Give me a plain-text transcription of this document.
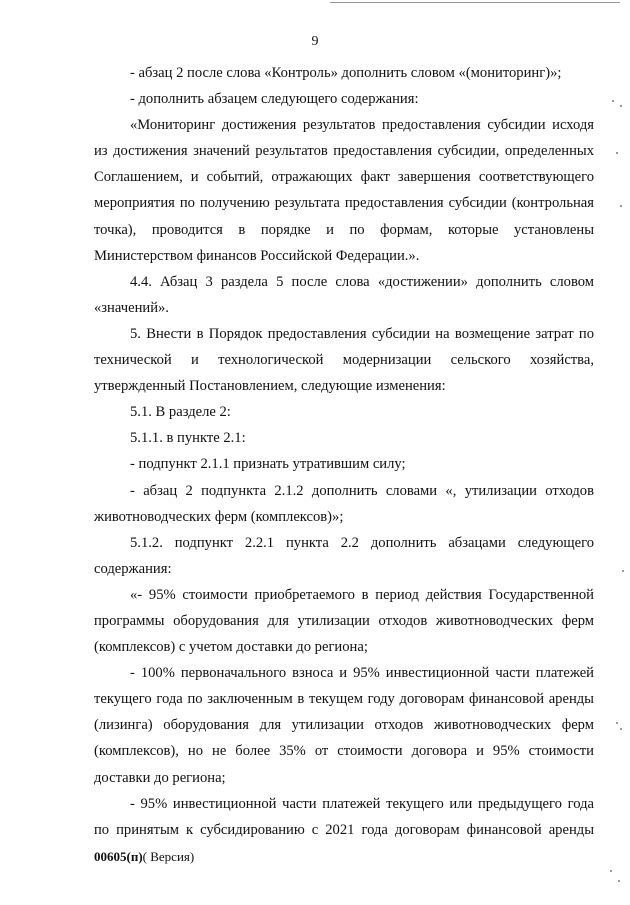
9

- абзац 2 после слова «Контроль» дополнить словом «(мониторинг)»;

- дополнить абзацем следующего содержания:

«Мониторинг достижения результатов предоставления субсидии исходя из достижения значений результатов предоставления субсидии, определенных Соглашением, и событий, отражающих факт завершения соответствующего мероприятия по получению результата предоставления субсидии (контрольная точка), проводится в порядке и по формам, которые установлены Министерством финансов Российской Федерации.».

4.4. Абзац 3 раздела 5 после слова «достижении» дополнить словом «значений».

5. Внести в Порядок предоставления субсидии на возмещение затрат по технической и технологической модернизации сельского хозяйства, утвержденный Постановлением, следующие изменения:

5.1. В разделе 2:

5.1.1. в пункте 2.1:

- подпункт 2.1.1 признать утратившим силу;

- абзац 2 подпункта 2.1.2 дополнить словами «, утилизации отходов животноводческих ферм (комплексов)»;

5.1.2. подпункт 2.2.1 пункта 2.2 дополнить абзацами следующего содержания:

«- 95% стоимости приобретаемого в период действия Государственной программы оборудования для утилизации отходов животноводческих ферм (комплексов) с учетом доставки до региона;

- 100% первоначального взноса и 95% инвестиционной части платежей текущего года по заключенным в текущем году договорам финансовой аренды (лизинга) оборудования для утилизации отходов животноводческих ферм (комплексов), но не более 35% от стоимости договора и 95% стоимости доставки до региона;

- 95% инвестиционной части платежей текущего или предыдущего года по принятым к субсидированию с 2021 года договорам финансовой аренды

00605(п)( Версия)
